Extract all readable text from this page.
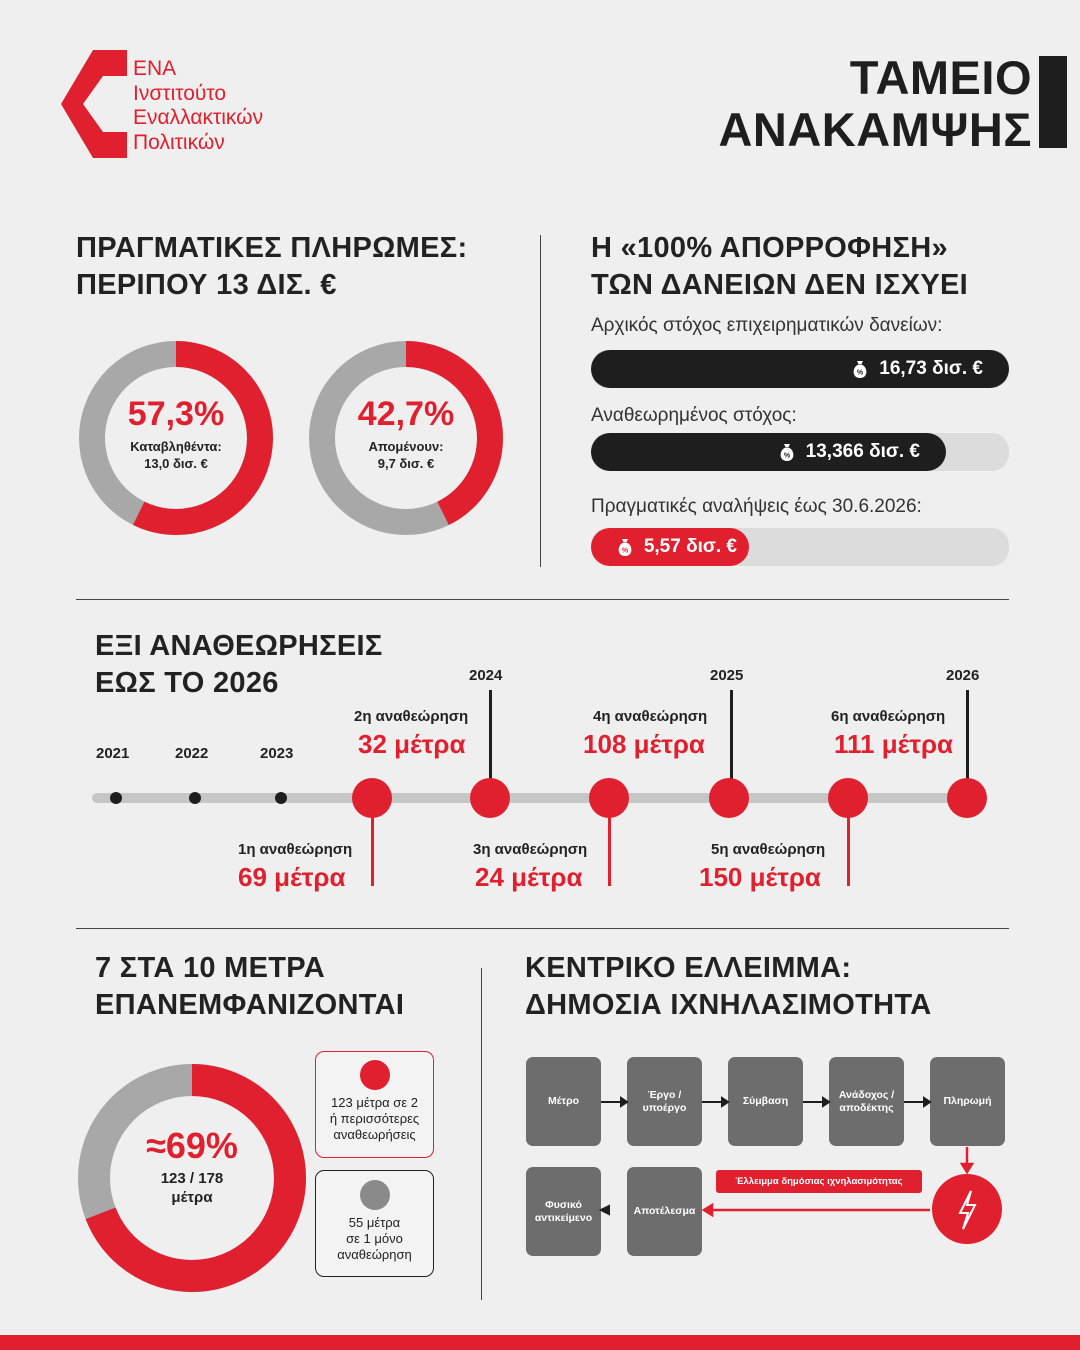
ΕΝΑ
Ινστιτούτο
Εναλλακτικών
Πολιτικών
ΤΑΜΕΙΟ
ΑΝΑΚΑΜΨΗΣ
ΠΡΑΓΜΑΤΙΚΕΣ ΠΛΗΡΩΜΕΣ:
ΠΕΡΙΠΟΥ 13 ΔΙΣ. €
57,3%
Καταβληθέντα:
13,0 δισ. €
42,7%
Απομένουν:
9,7 δισ. €
Η «100% ΑΠΟΡΡΟΦΗΣΗ»
ΤΩΝ ΔΑΝΕΙΩΝ ΔΕΝ ΙΣΧΥΕΙ
Αρχικός στόχος επιχειρηματικών δανείων:
% 16,73 δισ. €
Αναθεωρημένος στόχος:
% 13,366 δισ. €
Πραγματικές αναλήψεις έως 30.6.2026:
% 5,57 δισ. €
ΕΞΙ ΑΝΑΘΕΩΡΗΣΕΙΣ
ΕΩΣ ΤΟ 2026
2021	2022	2023
2024	2025	2026
2η αναθεώρηση
32 μέτρα
4η αναθεώρηση
108 μέτρα
6η αναθεώρηση
111 μέτρα
1η αναθεώρηση
69 μέτρα
3η αναθεώρηση
24 μέτρα
5η αναθεώρηση
150 μέτρα
7 ΣΤΑ 10 ΜΕΤΡΑ
ΕΠΑΝΕΜΦΑΝΙΖΟΝΤΑΙ
≈69%
123 / 178
μέτρα
123 μέτρα σε 2
ή περισσότερες
αναθεωρήσεις
55 μέτρα
σε 1 μόνο
αναθεώρηση
ΚΕΝΤΡΙΚΟ ΕΛΛΕΙΜΜΑ:
ΔΗΜΟΣΙΑ ΙΧΝΗΛΑΣΙΜΟΤΗΤΑ
Μέτρο
Έργο /
υποέργο
Σύμβαση
Ανάδοχος /
αποδέκτης
Πληρωμή
Φυσικό
αντικείμενο
Αποτέλεσμα
Έλλειμμα δημόσιας ιχνηλασιμότητας
